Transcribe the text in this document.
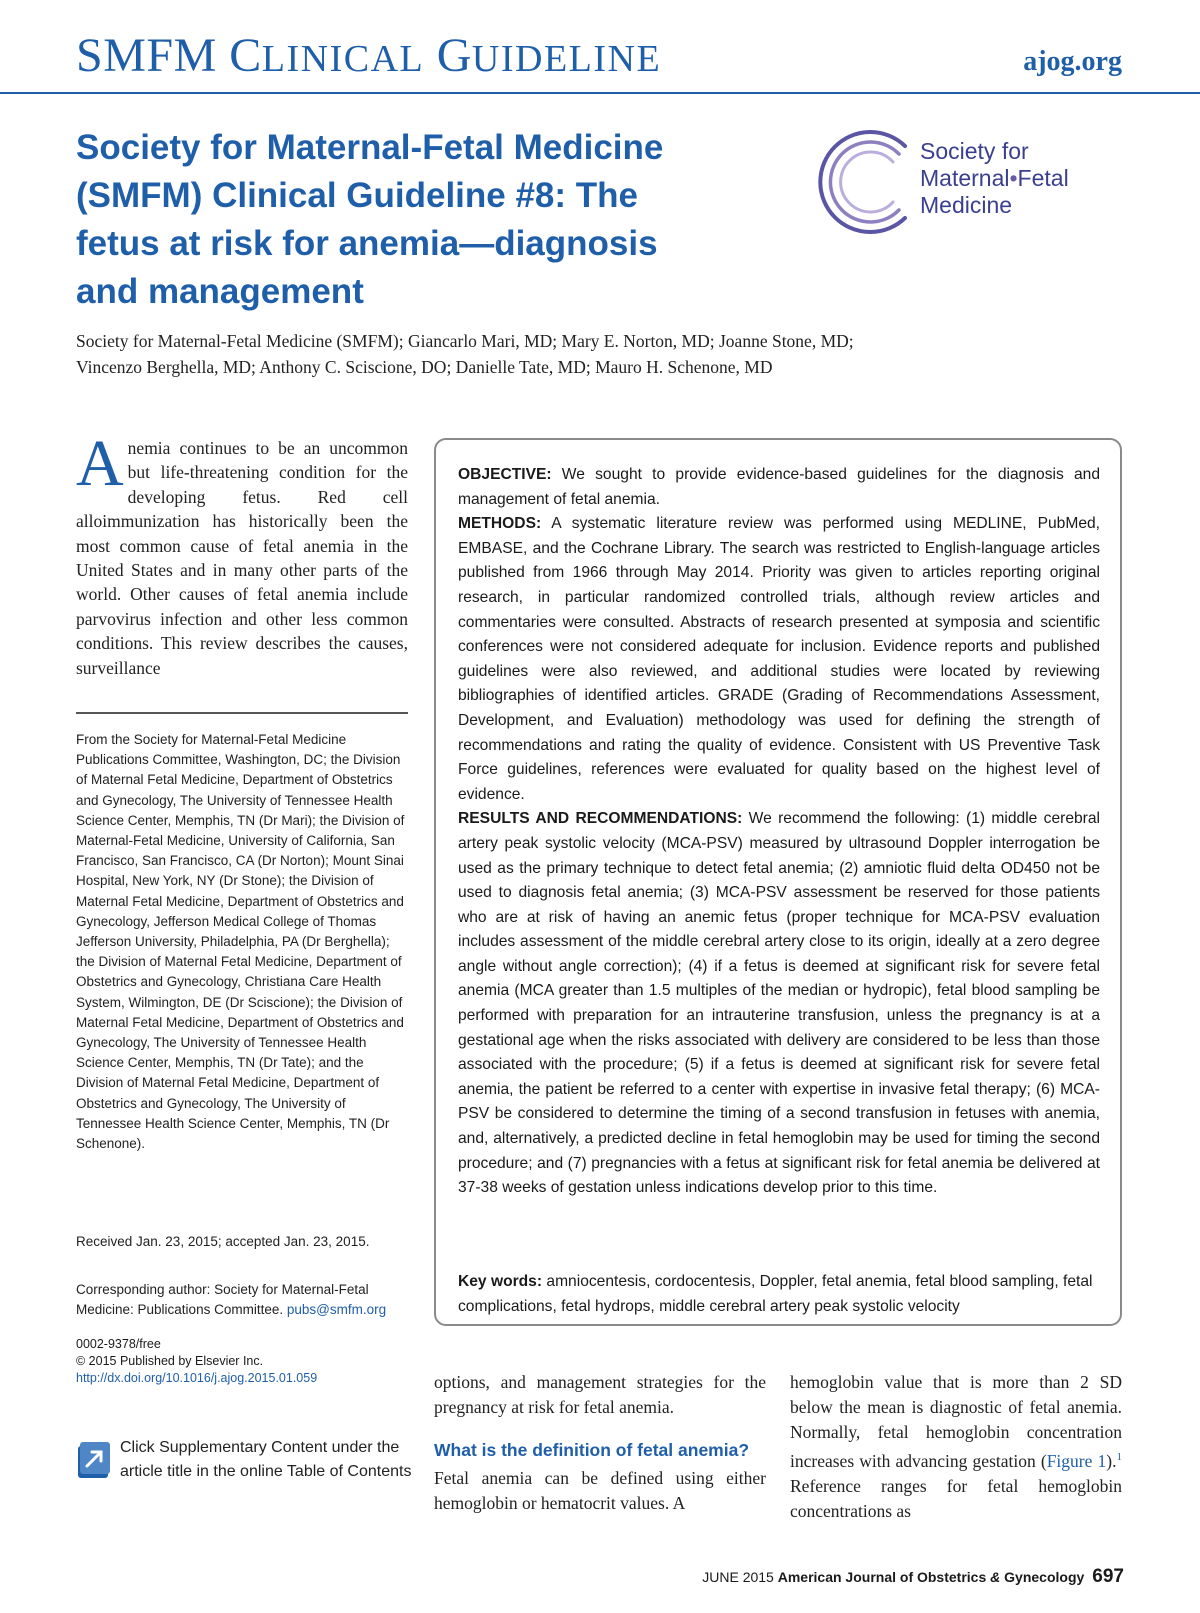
SMFM CLINICAL GUIDELINE	ajog.org
Society for Maternal-Fetal Medicine (SMFM) Clinical Guideline #8: The fetus at risk for anemia—diagnosis and management
Society for Maternal-Fetal Medicine (SMFM); Giancarlo Mari, MD; Mary E. Norton, MD; Joanne Stone, MD; Vincenzo Berghella, MD; Anthony C. Sciscione, DO; Danielle Tate, MD; Mauro H. Schenone, MD
Society for
Maternal•Fetal
Medicine
Anemia continues to be an uncommon but life-threatening condition for the developing fetus. Red cell alloimmunization has historically been the most common cause of fetal anemia in the United States and in many other parts of the world. Other causes of fetal anemia include parvovirus infection and other less common conditions. This review describes the causes, surveillance
From the Society for Maternal-Fetal Medicine Publications Committee, Washington, DC; the Division of Maternal Fetal Medicine, Department of Obstetrics and Gynecology, The University of Tennessee Health Science Center, Memphis, TN (Dr Mari); the Division of Maternal-Fetal Medicine, University of California, San Francisco, San Francisco, CA (Dr Norton); Mount Sinai Hospital, New York, NY (Dr Stone); the Division of Maternal Fetal Medicine, Department of Obstetrics and Gynecology, Jefferson Medical College of Thomas Jefferson University, Philadelphia, PA (Dr Berghella); the Division of Maternal Fetal Medicine, Department of Obstetrics and Gynecology, Christiana Care Health System, Wilmington, DE (Dr Sciscione); the Division of Maternal Fetal Medicine, Department of Obstetrics and Gynecology, The University of Tennessee Health Science Center, Memphis, TN (Dr Tate); and the Division of Maternal Fetal Medicine, Department of Obstetrics and Gynecology, The University of Tennessee Health Science Center, Memphis, TN (Dr Schenone).
Received Jan. 23, 2015; accepted Jan. 23, 2015.
Corresponding author: Society for Maternal-Fetal Medicine: Publications Committee. pubs@smfm.org
0002-9378/free
© 2015 Published by Elsevier Inc.
http://dx.doi.org/10.1016/j.ajog.2015.01.059
Click Supplementary Content under the article title in the online Table of Contents

OBJECTIVE: We sought to provide evidence-based guidelines for the diagnosis and management of fetal anemia.

METHODS: A systematic literature review was performed using MEDLINE, PubMed, EMBASE, and the Cochrane Library. The search was restricted to English-language articles published from 1966 through May 2014. Priority was given to articles reporting original research, in particular randomized controlled trials, although review articles and commentaries were consulted. Abstracts of research presented at symposia and scientific conferences were not considered adequate for inclusion. Evidence reports and published guidelines were also reviewed, and additional studies were located by reviewing bibliographies of identified articles. GRADE (Grading of Recommendations Assessment, Development, and Evaluation) methodology was used for defining the strength of recommendations and rating the quality of evidence. Consistent with US Preventive Task Force guidelines, references were evaluated for quality based on the highest level of evidence.

RESULTS AND RECOMMENDATIONS: We recommend the following: (1) middle cerebral artery peak systolic velocity (MCA-PSV) measured by ultrasound Doppler interrogation be used as the primary technique to detect fetal anemia; (2) amniotic fluid delta OD450 not be used to diagnosis fetal anemia; (3) MCA-PSV assessment be reserved for those patients who are at risk of having an anemic fetus (proper technique for MCA-PSV evaluation includes assessment of the middle cerebral artery close to its origin, ideally at a zero degree angle without angle correction); (4) if a fetus is deemed at significant risk for severe fetal anemia (MCA greater than 1.5 multiples of the median or hydropic), fetal blood sampling be performed with preparation for an intrauterine transfusion, unless the pregnancy is at a gestational age when the risks associated with delivery are considered to be less than those associated with the procedure; (5) if a fetus is deemed at significant risk for severe fetal anemia, the patient be referred to a center with expertise in invasive fetal therapy; (6) MCA-PSV be considered to determine the timing of a second transfusion in fetuses with anemia, and, alternatively, a predicted decline in fetal hemoglobin may be used for timing the second procedure; and (7) pregnancies with a fetus at significant risk for fetal anemia be delivered at 37-38 weeks of gestation unless indications develop prior to this time.

Key words: amniocentesis, cordocentesis, Doppler, fetal anemia, fetal blood sampling, fetal complications, fetal hydrops, middle cerebral artery peak systolic velocity
options, and management strategies for the pregnancy at risk for fetal anemia.
What is the definition of fetal anemia?
Fetal anemia can be defined using either hemoglobin or hematocrit values. A
hemoglobin value that is more than 2 SD below the mean is diagnostic of fetal anemia. Normally, fetal hemoglobin concentration increases with advancing gestation (Figure 1).$^1$ Reference ranges for fetal hemoglobin concentrations as
JUNE 2015 American Journal of Obstetrics & Gynecology 697
